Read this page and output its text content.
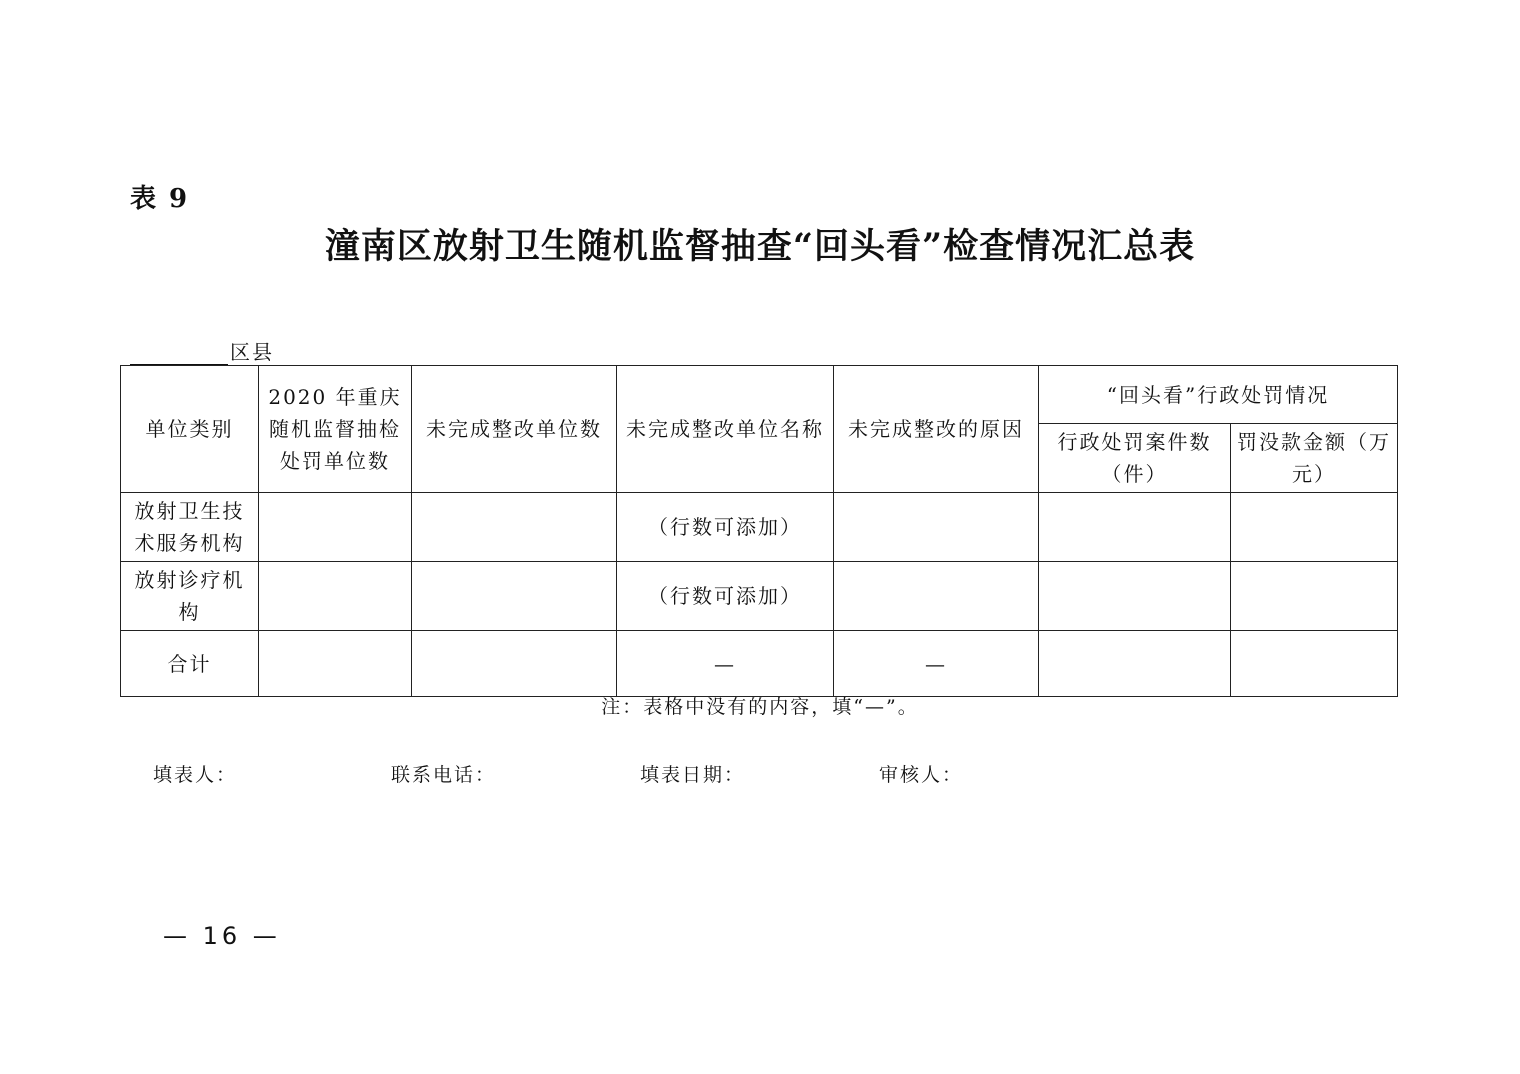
表 9
潼南区放射卫生随机监督抽查“回头看”检查情况汇总表
区县
单位类别	2020 年重庆随机监督抽检处罚单位数	未完成整改单位数	未完成整改单位名称	未完成整改的原因	“回头看”行政处罚情况	
					行政处罚案件数（件）	罚没款金额（万元）
放射卫生技术服务机构			（行数可添加）			
放射诊疗机构			（行数可添加）			
合计			—	—		
注：表格中没有的内容，填“—”。
填表人：	联系电话：	填表日期：	审核人：
— 16 —
